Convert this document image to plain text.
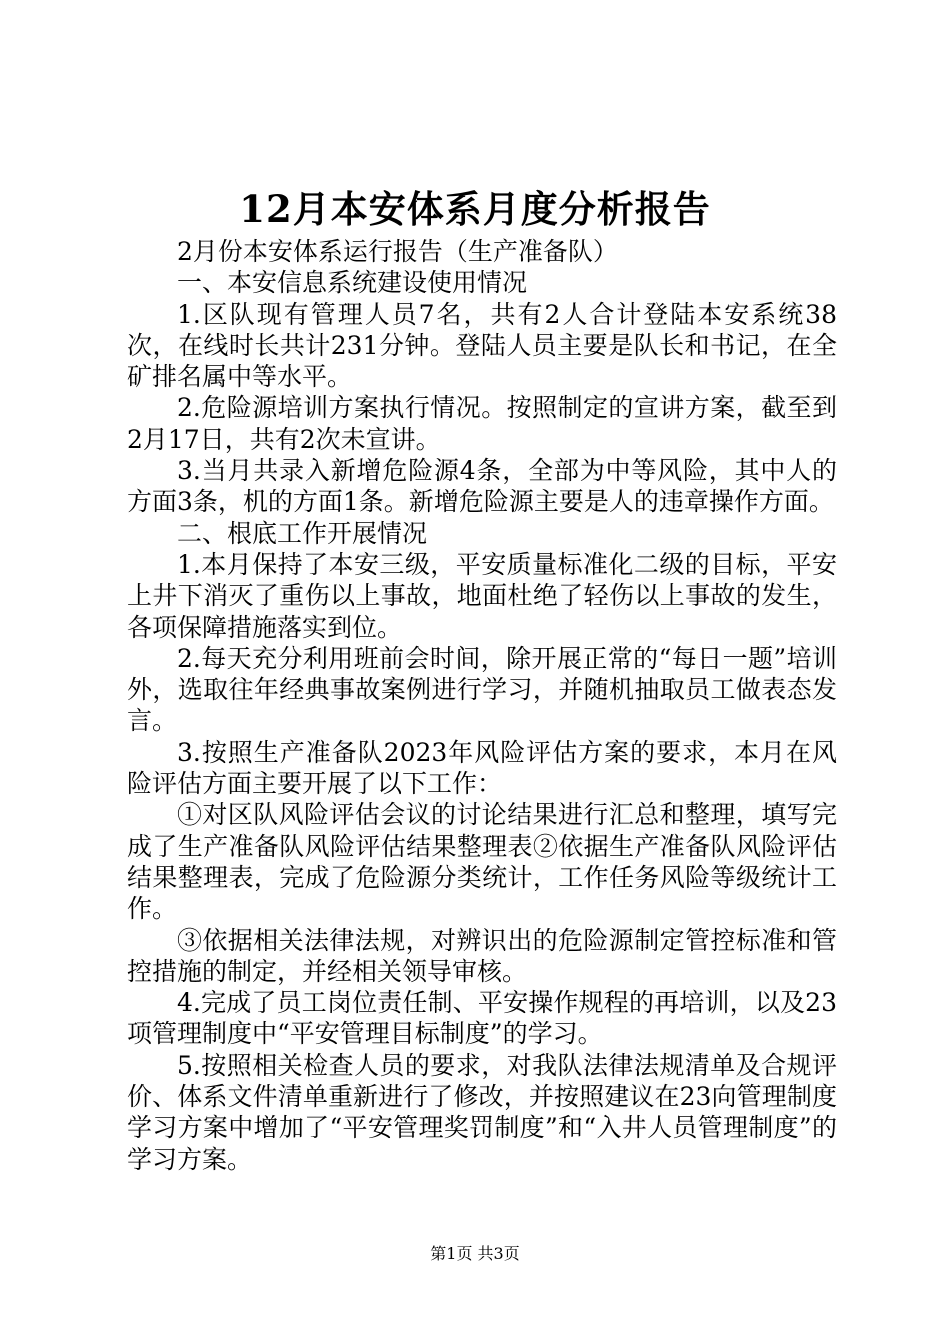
12月本安体系月度分析报告

2月份本安体系运行报告（生产准备队）

一、本安信息系统建设使用情况

1.区队现有管理人员7名，共有2人合计登陆本安系统38次，在线时长共计231分钟。登陆人员主要是队长和书记，在全矿排名属中等水平。

2.危险源培训方案执行情况。按照制定的宣讲方案，截至到2月17日，共有2次未宣讲。

3.当月共录入新增危险源4条，全部为中等风险，其中人的方面3条，机的方面1条。新增危险源主要是人的违章操作方面。

二、根底工作开展情况

1.本月保持了本安三级，平安质量标准化二级的目标，平安上井下消灭了重伤以上事故，地面杜绝了轻伤以上事故的发生，各项保障措施落实到位。

2.每天充分利用班前会时间，除开展正常的“每日一题”培训外，选取往年经典事故案例进行学习，并随机抽取员工做表态发言。

3.按照生产准备队2023年风险评估方案的要求，本月在风险评估方面主要开展了以下工作：

①对区队风险评估会议的讨论结果进行汇总和整理，填写完成了生产准备队风险评估结果整理表②依据生产准备队风险评估结果整理表，完成了危险源分类统计，工作任务风险等级统计工作。

③依据相关法律法规，对辨识出的危险源制定管控标准和管控措施的制定，并经相关领导审核。

4.完成了员工岗位责任制、平安操作规程的再培训，以及23项管理制度中“平安管理目标制度”的学习。

5.按照相关检查人员的要求，对我队法律法规清单及合规评价、体系文件清单重新进行了修改，并按照建议在23向管理制度学习方案中增加了“平安管理奖罚制度”和“入井人员管理制度”的学习方案。

第1页 共3页
